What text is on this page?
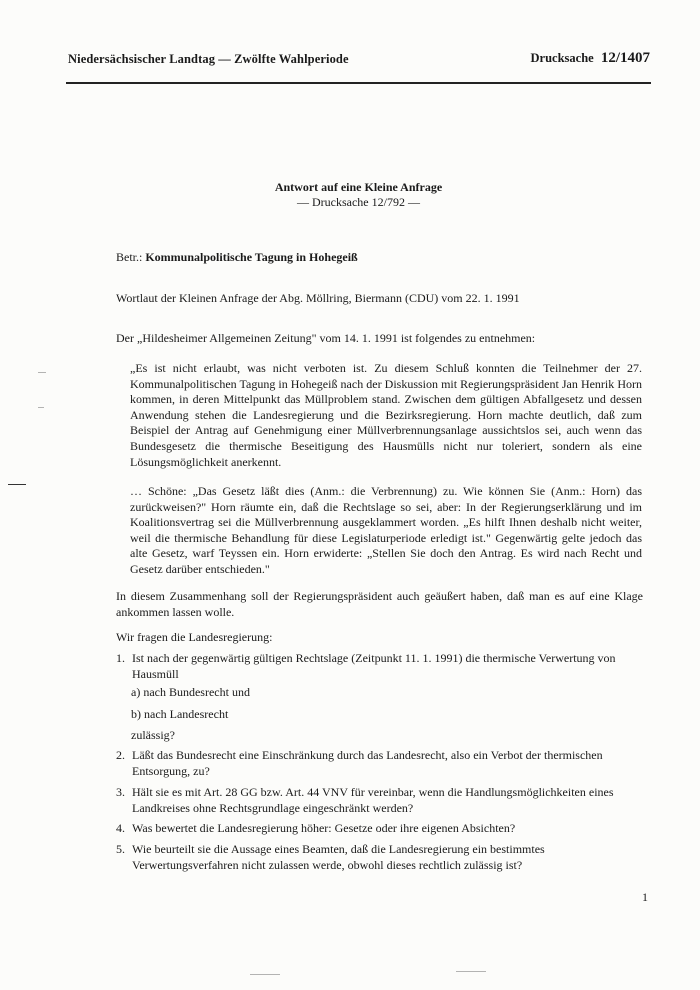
Niedersächsischer Landtag — Zwölfte Wahlperiode	Drucksache 12/1407
Antwort auf eine Kleine Anfrage
— Drucksache 12/792 —
Betr.: Kommunalpolitische Tagung in Hohegeiß
Wortlaut der Kleinen Anfrage der Abg. Möllring, Biermann (CDU) vom 22. 1. 1991
Der „Hildesheimer Allgemeinen Zeitung" vom 14. 1. 1991 ist folgendes zu entnehmen:
„Es ist nicht erlaubt, was nicht verboten ist. Zu diesem Schluß konnten die Teilnehmer der 27. Kommunalpolitischen Tagung in Hohegeiß nach der Diskussion mit Regierungspräsident Jan Henrik Horn kommen, in deren Mittelpunkt das Müllproblem stand. Zwischen dem gültigen Abfallgesetz und dessen Anwendung stehen die Landesregierung und die Bezirksregierung. Horn machte deutlich, daß zum Beispiel der Antrag auf Genehmigung einer Müllverbrennungsanlage aussichtslos sei, auch wenn das Bundesgesetz die thermische Beseitigung des Hausmülls nicht nur toleriert, sondern als eine Lösungsmöglichkeit anerkennt.
… Schöne: „Das Gesetz läßt dies (Anm.: die Verbrennung) zu. Wie können Sie (Anm.: Horn) das zurückweisen?" Horn räumte ein, daß die Rechtslage so sei, aber: In der Regierungserklärung und im Koalitionsvertrag sei die Müllverbrennung ausgeklammert worden. „Es hilft Ihnen deshalb nicht weiter, weil die thermische Behandlung für diese Legislaturperiode erledigt ist." Gegenwärtig gelte jedoch das alte Gesetz, warf Teyssen ein. Horn erwiderte: „Stellen Sie doch den Antrag. Es wird nach Recht und Gesetz darüber entschieden."
In diesem Zusammenhang soll der Regierungspräsident auch geäußert haben, daß man es auf eine Klage ankommen lassen wolle.
Wir fragen die Landesregierung:
1. Ist nach der gegenwärtig gültigen Rechtslage (Zeitpunkt 11. 1. 1991) die thermische Verwertung von Hausmüll
a) nach Bundesrecht und
b) nach Landesrecht
zulässig?
2. Läßt das Bundesrecht eine Einschränkung durch das Landesrecht, also ein Verbot der thermischen Entsorgung, zu?
3. Hält sie es mit Art. 28 GG bzw. Art. 44 VNV für vereinbar, wenn die Handlungsmöglichkeiten eines Landkreises ohne Rechtsgrundlage eingeschränkt werden?
4. Was bewertet die Landesregierung höher: Gesetze oder ihre eigenen Absichten?
5. Wie beurteilt sie die Aussage eines Beamten, daß die Landesregierung ein bestimmtes Verwertungsverfahren nicht zulassen werde, obwohl dieses rechtlich zulässig ist?
1
